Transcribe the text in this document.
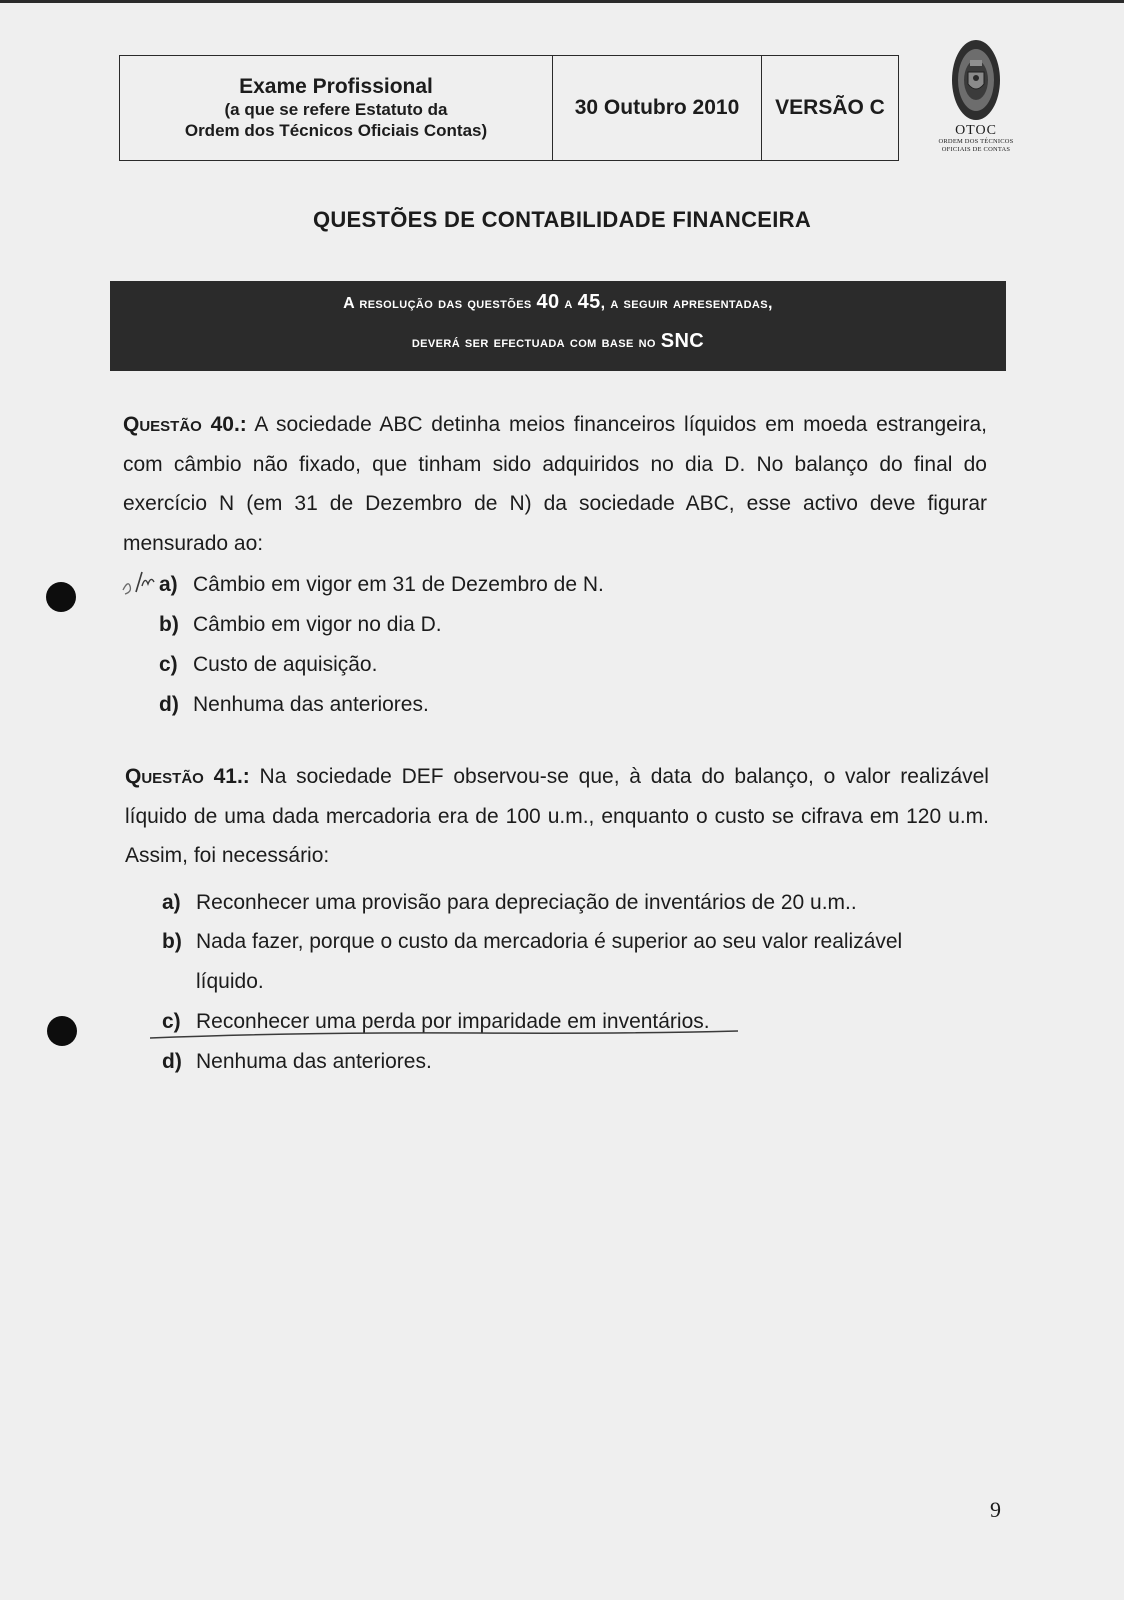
Exame Profissional
(a que se refere Estatuto da
Ordem dos Técnicos Oficiais Contas)
	30 Outubro 2010	VERSÃO C
OTOC
ORDEM DOS TÉCNICOS
OFICIAIS DE CONTAS
QUESTÕES DE CONTABILIDADE FINANCEIRA
A resolução das questões 40 a 45, a seguir apresentadas,
deverá ser efectuada com base no SNC
Questão 40.: A sociedade ABC detinha meios financeiros líquidos em moeda estrangeira, com câmbio não fixado, que tinham sido adquiridos no dia D. No balanço do final do exercício N (em 31 de Dezembro de N) da sociedade ABC, esse activo deve figurar mensurado ao:
a) Câmbio em vigor em 31 de Dezembro de N.
b) Câmbio em vigor no dia D.
c) Custo de aquisição.
d) Nenhuma das anteriores.
Questão 41.: Na sociedade DEF observou-se que, à data do balanço, o valor realizável líquido de uma dada mercadoria era de 100 u.m., enquanto o custo se cifrava em 120 u.m. Assim, foi necessário:
a) Reconhecer uma provisão para depreciação de inventários de 20 u.m..
b) Nada fazer, porque o custo da mercadoria é superior ao seu valor realizável líquido.
c) Reconhecer uma perda por imparidade em inventários.
d) Nenhuma das anteriores.
9
